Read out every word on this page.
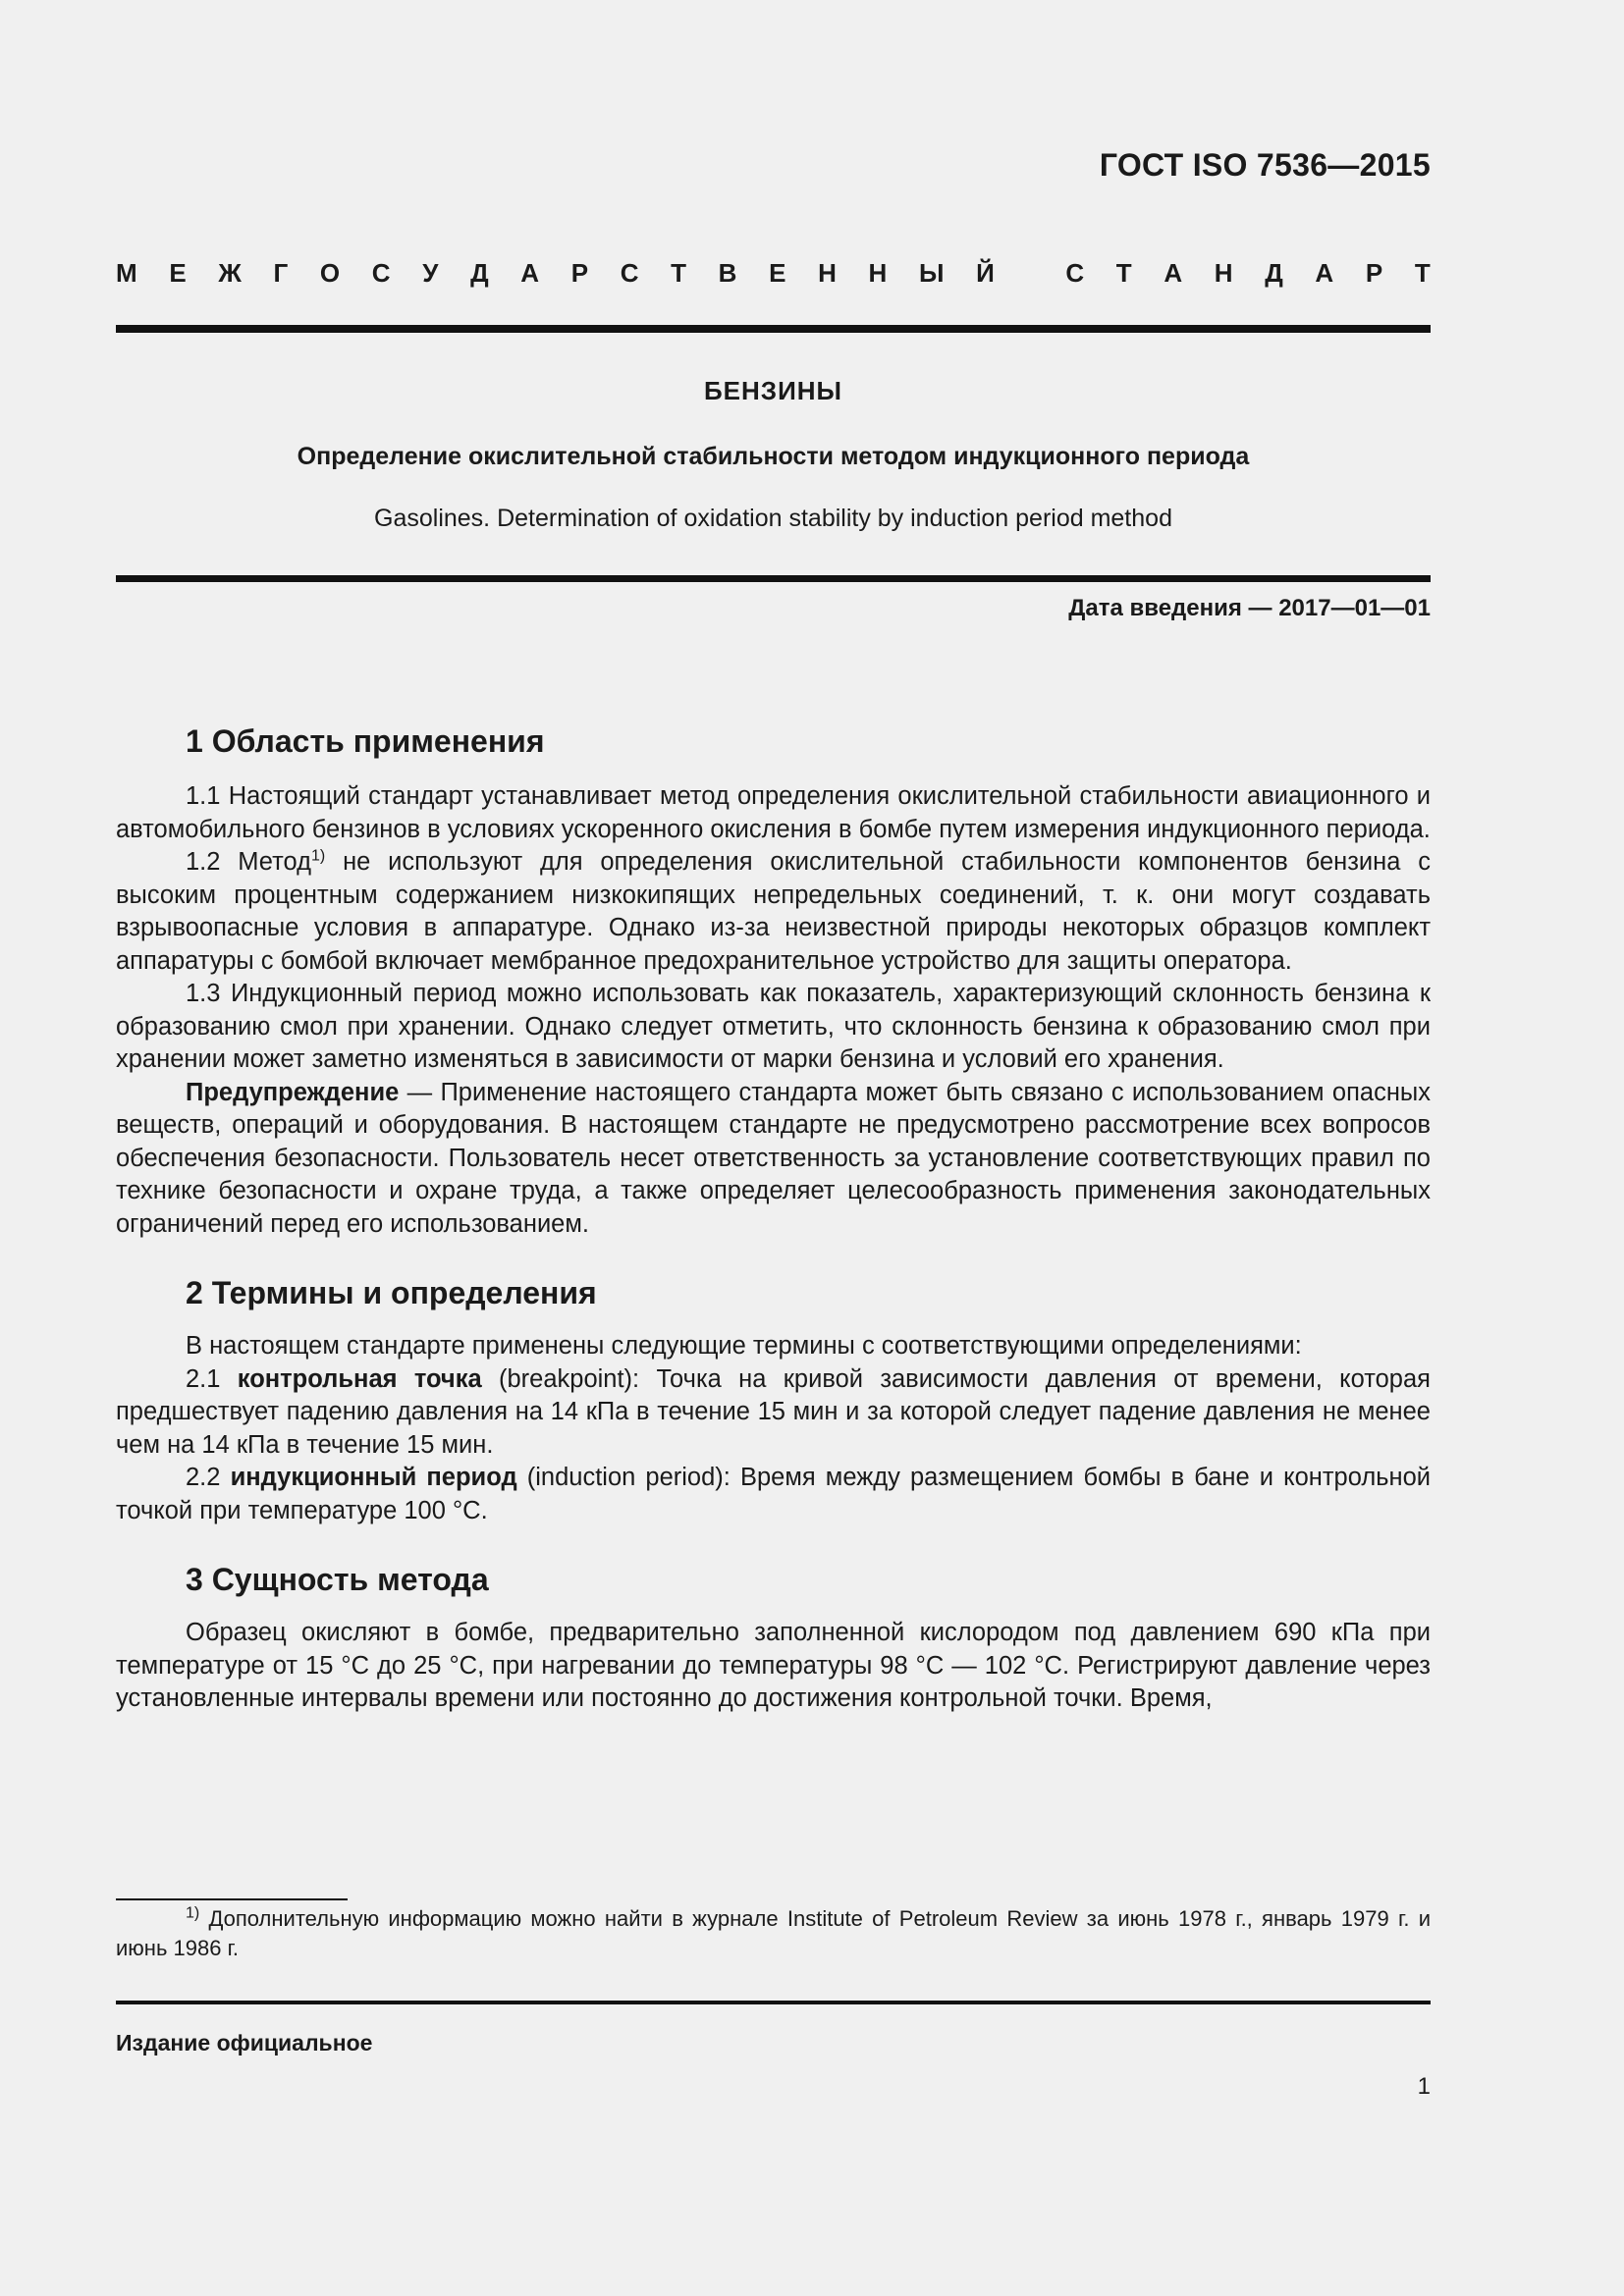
ГОСТ ISO 7536—2015
М Е Ж Г О С У Д А Р С Т В Е Н Н Ы Й
	С Т А Н Д А Р Т
БЕНЗИНЫ
Определение окислительной стабильности методом индукционного периода
Gasolines. Determination of oxidation stability by induction period method
Дата введения — 2017—01—01
1 Область применения

1.1 Настоящий стандарт устанавливает метод определения окислительной стабильности авиационного и автомобильного бензинов в условиях ускоренного окисления в бомбе путем измерения индукционного периода.

1.2 Метод$^{1)}$ не используют для определения окислительной стабильности компонентов бензина с высоким процентным содержанием низкокипящих непредельных соединений, т. к. они могут создавать взрывоопасные условия в аппаратуре. Однако из-за неизвестной природы некоторых образцов комплект аппаратуры с бомбой включает мембранное предохранительное устройство для защиты оператора.

1.3 Индукционный период можно использовать как показатель, характеризующий склонность бензина к образованию смол при хранении. Однако следует отметить, что склонность бензина к образованию смол при хранении может заметно изменяться в зависимости от марки бензина и условий его хранения.

Предупреждение — Применение настоящего стандарта может быть связано с использованием опасных веществ, операций и оборудования. В настоящем стандарте не предусмотрено рассмотрение всех вопросов обеспечения безопасности. Пользователь несет ответственность за установление соответствующих правил по технике безопасности и охране труда, а также определяет целесообразность применения законодательных ограничений перед его использованием.

2 Термины и определения

В настоящем стандарте применены следующие термины с соответствующими определениями:

2.1 контрольная точка (breakpoint): Точка на кривой зависимости давления от времени, которая предшествует падению давления на 14 кПа в течение 15 мин и за которой следует падение давления не менее чем на 14 кПа в течение 15 мин.

2.2 индукционный период (induction period): Время между размещением бомбы в бане и контрольной точкой при температуре 100 °С.

3 Сущность метода

Образец окисляют в бомбе, предварительно заполненной кислородом под давлением 690 кПа при температуре от 15 °С до 25 °С, при нагревании до температуры 98 °С — 102 °С. Регистрируют давление через установленные интервалы времени или постоянно до достижения контрольной точки. Время,

$^{1)}$ Дополнительную информацию можно найти в журнале Institute of Petroleum Review за июнь 1978 г., январь 1979 г. и июнь 1986 г.

Издание официальное
1
